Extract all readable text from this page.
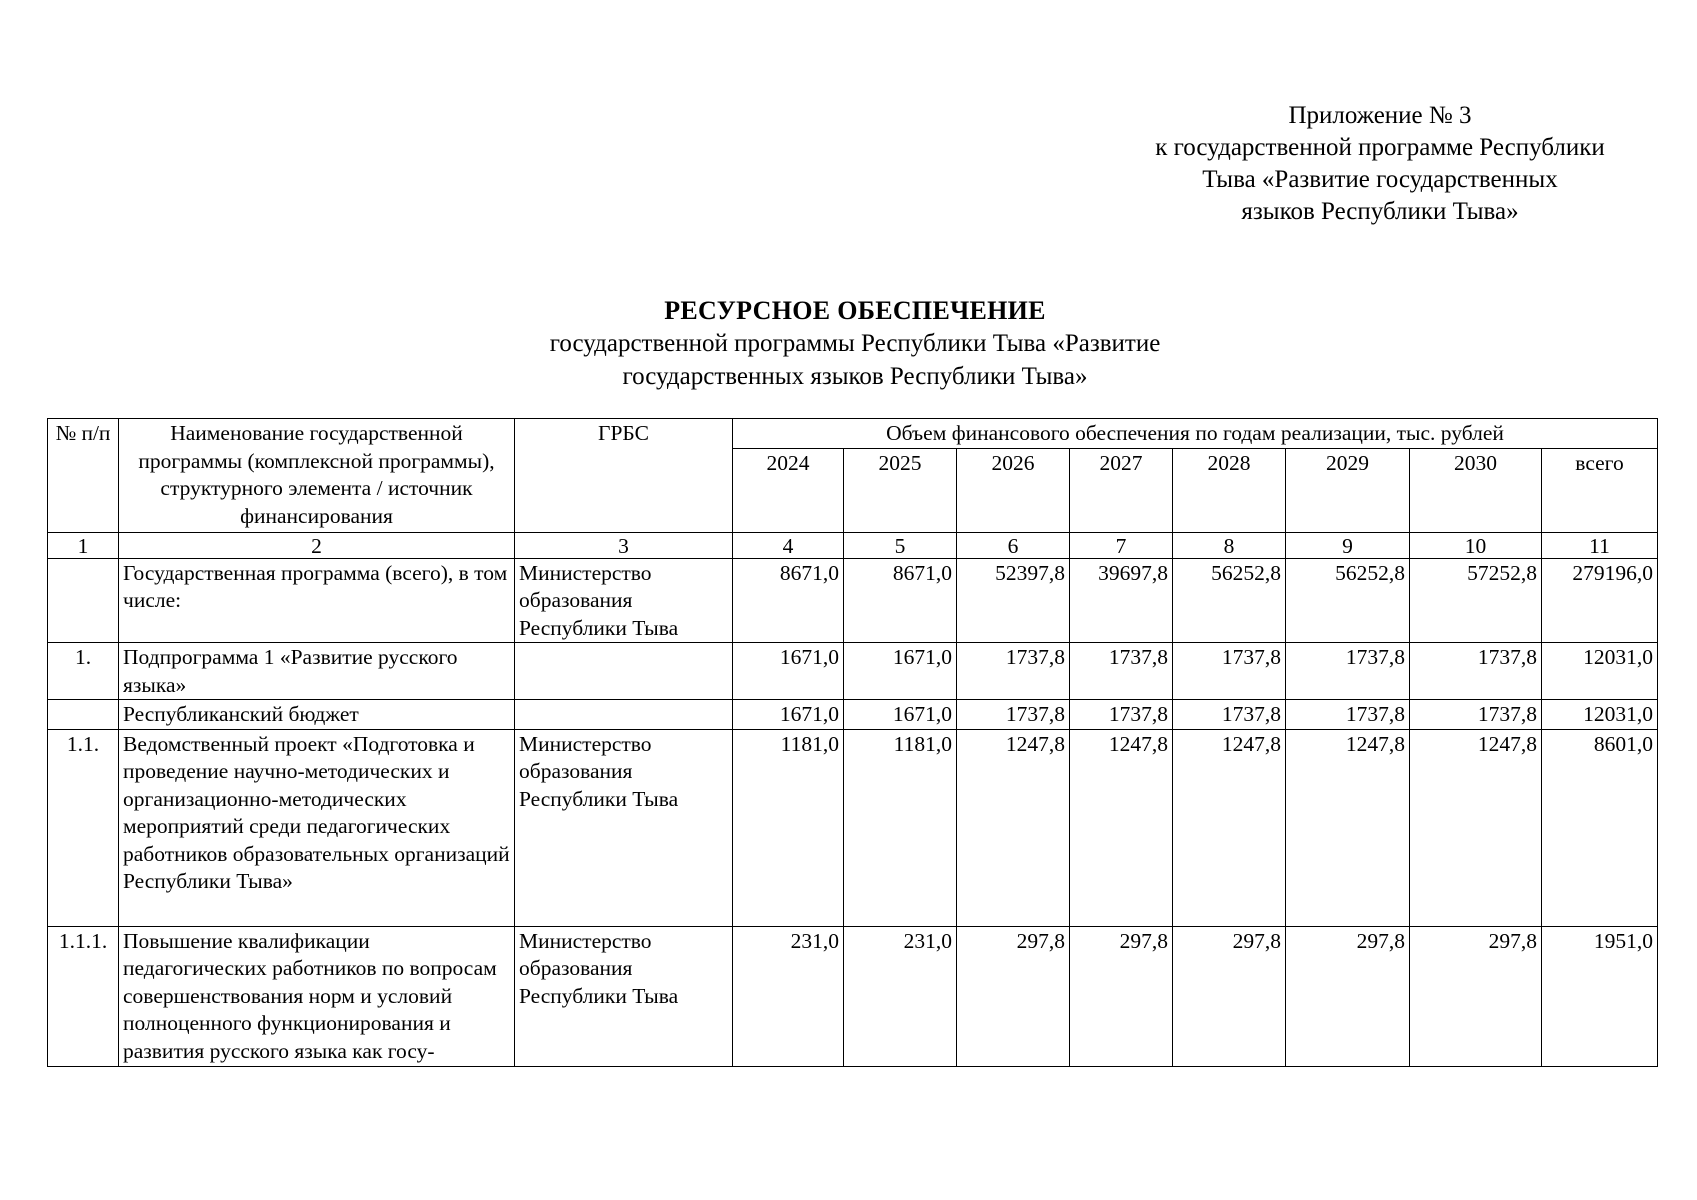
Приложение № 3
к государственной программе Республики
Тыва «Развитие государственных
языков Республики Тыва»
РЕСУРСНОЕ ОБЕСПЕЧЕНИЕ
государственной программы Республики Тыва «Развитие
государственных языков Республики Тыва»
№ п/п	Наименование государственной программы (комплексной программы), структурного элемента / источник финансирования	ГРБС	Объем финансового обеспечения по годам реализации, тыс. рублей							
			2024	2025	2026	2027	2028	2029	2030	всего
1	2	3	4	5	6	7	8	9	10	11
	Государственная программа (всего), в том числе:	Министерство образования Республики Тыва	8671,0	8671,0	52397,8	39697,8	56252,8	56252,8	57252,8	279196,0
1.	Подпрограмма 1 «Развитие русского языка»		1671,0	1671,0	1737,8	1737,8	1737,8	1737,8	1737,8	12031,0
	Республиканский бюджет		1671,0	1671,0	1737,8	1737,8	1737,8	1737,8	1737,8	12031,0
1.1.	Ведомственный проект «Подготовка и проведение научно-методических и организационно-методических мероприятий среди педагогических работников образовательных организаций Республики Тыва»	Министерство образования Республики Тыва	1181,0	1181,0	1247,8	1247,8	1247,8	1247,8	1247,8	8601,0
1.1.1.	Повышение квалификации педагогических работников по вопросам совершенствования норм и условий полноценного функционирования и развития русского языка как госу-	Министерство образования Республики Тыва	231,0	231,0	297,8	297,8	297,8	297,8	297,8	1951,0
